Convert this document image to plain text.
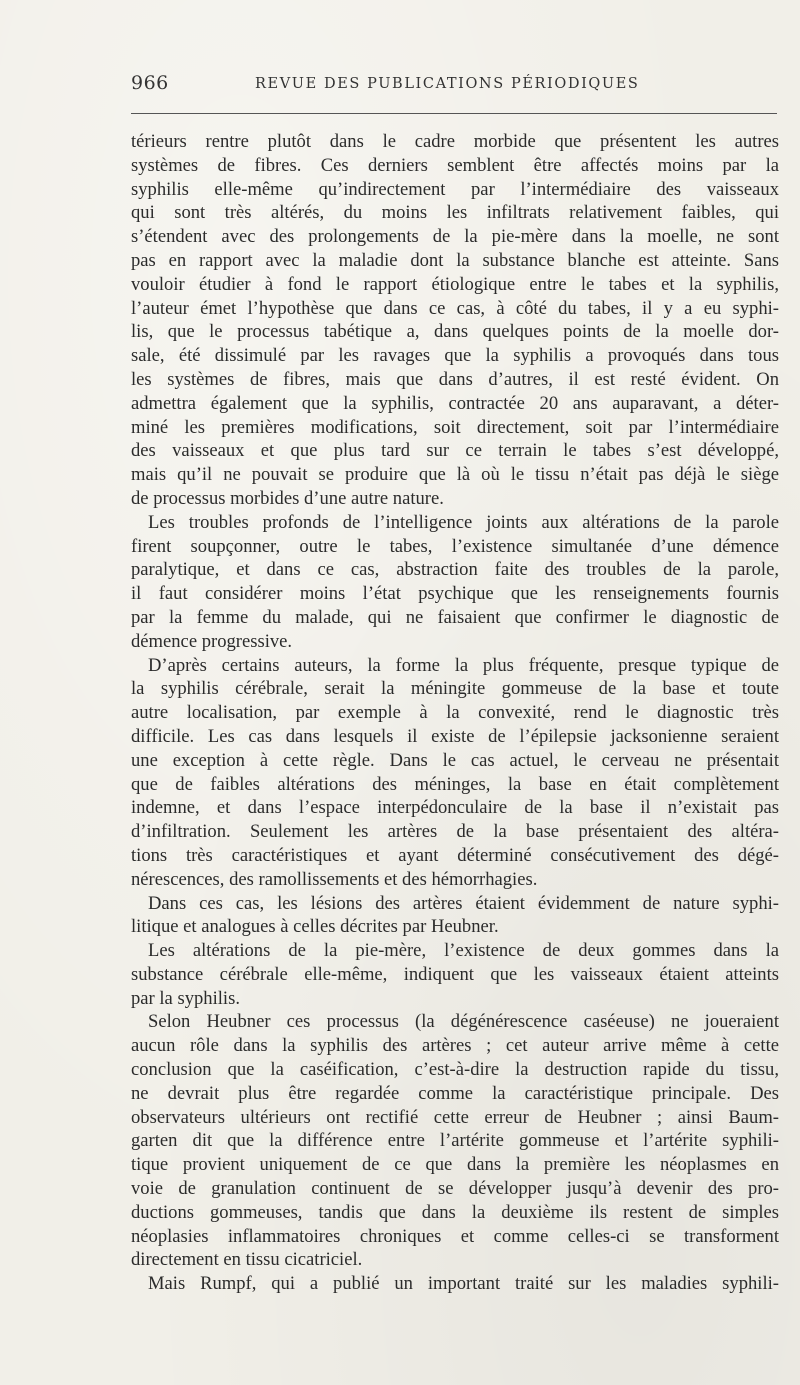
966	REVUE DES PUBLICATIONS PÉRIODIQUES
térieurs rentre plutôt dans le cadre morbide que présentent les autres
systèmes de fibres. Ces derniers semblent être affectés moins par la
syphilis elle-même qu’indirectement par l’intermédiaire des vaisseaux
qui sont très altérés, du moins les infiltrats relativement faibles, qui
s’étendent avec des prolongements de la pie-mère dans la moelle, ne sont
pas en rapport avec la maladie dont la substance blanche est atteinte. Sans
vouloir étudier à fond le rapport étiologique entre le tabes et la syphilis,
l’auteur émet l’hypothèse que dans ce cas, à côté du tabes, il y a eu syphi-
lis, que le processus tabétique a, dans quelques points de la moelle dor-
sale, été dissimulé par les ravages que la syphilis a provoqués dans tous
les systèmes de fibres, mais que dans d’autres, il est resté évident. On
admettra également que la syphilis, contractée 20 ans auparavant, a déter-
miné les premières modifications, soit directement, soit par l’intermédiaire
des vaisseaux et que plus tard sur ce terrain le tabes s’est développé,
mais qu’il ne pouvait se produire que là où le tissu n’était pas déjà le siège
de processus morbides d’une autre nature.
Les troubles profonds de l’intelligence joints aux altérations de la parole
firent soupçonner, outre le tabes, l’existence simultanée d’une démence
paralytique, et dans ce cas, abstraction faite des troubles de la parole,
il faut considérer moins l’état psychique que les renseignements fournis
par la femme du malade, qui ne faisaient que confirmer le diagnostic de
démence progressive.
D’après certains auteurs, la forme la plus fréquente, presque typique de
la syphilis cérébrale, serait la méningite gommeuse de la base et toute
autre localisation, par exemple à la convexité, rend le diagnostic très
difficile. Les cas dans lesquels il existe de l’épilepsie jacksonienne seraient
une exception à cette règle. Dans le cas actuel, le cerveau ne présentait
que de faibles altérations des méninges, la base en était complètement
indemne, et dans l’espace interpédonculaire de la base il n’existait pas
d’infiltration. Seulement les artères de la base présentaient des altéra-
tions très caractéristiques et ayant déterminé consécutivement des dégé-
nérescences, des ramollissements et des hémorrhagies.
Dans ces cas, les lésions des artères étaient évidemment de nature syphi-
litique et analogues à celles décrites par Heubner.
Les altérations de la pie-mère, l’existence de deux gommes dans la
substance cérébrale elle-même, indiquent que les vaisseaux étaient atteints
par la syphilis.
Selon Heubner ces processus (la dégénérescence caséeuse) ne joueraient
aucun rôle dans la syphilis des artères ; cet auteur arrive même à cette
conclusion que la caséification, c’est-à-dire la destruction rapide du tissu,
ne devrait plus être regardée comme la caractéristique principale. Des
observateurs ultérieurs ont rectifié cette erreur de Heubner ; ainsi Baum-
garten dit que la différence entre l’artérite gommeuse et l’artérite syphili-
tique provient uniquement de ce que dans la première les néoplasmes en
voie de granulation continuent de se développer jusqu’à devenir des pro-
ductions gommeuses, tandis que dans la deuxième ils restent de simples
néoplasies inflammatoires chroniques et comme celles-ci se transforment
directement en tissu cicatriciel.
Mais Rumpf, qui a publié un important traité sur les maladies syphili-
